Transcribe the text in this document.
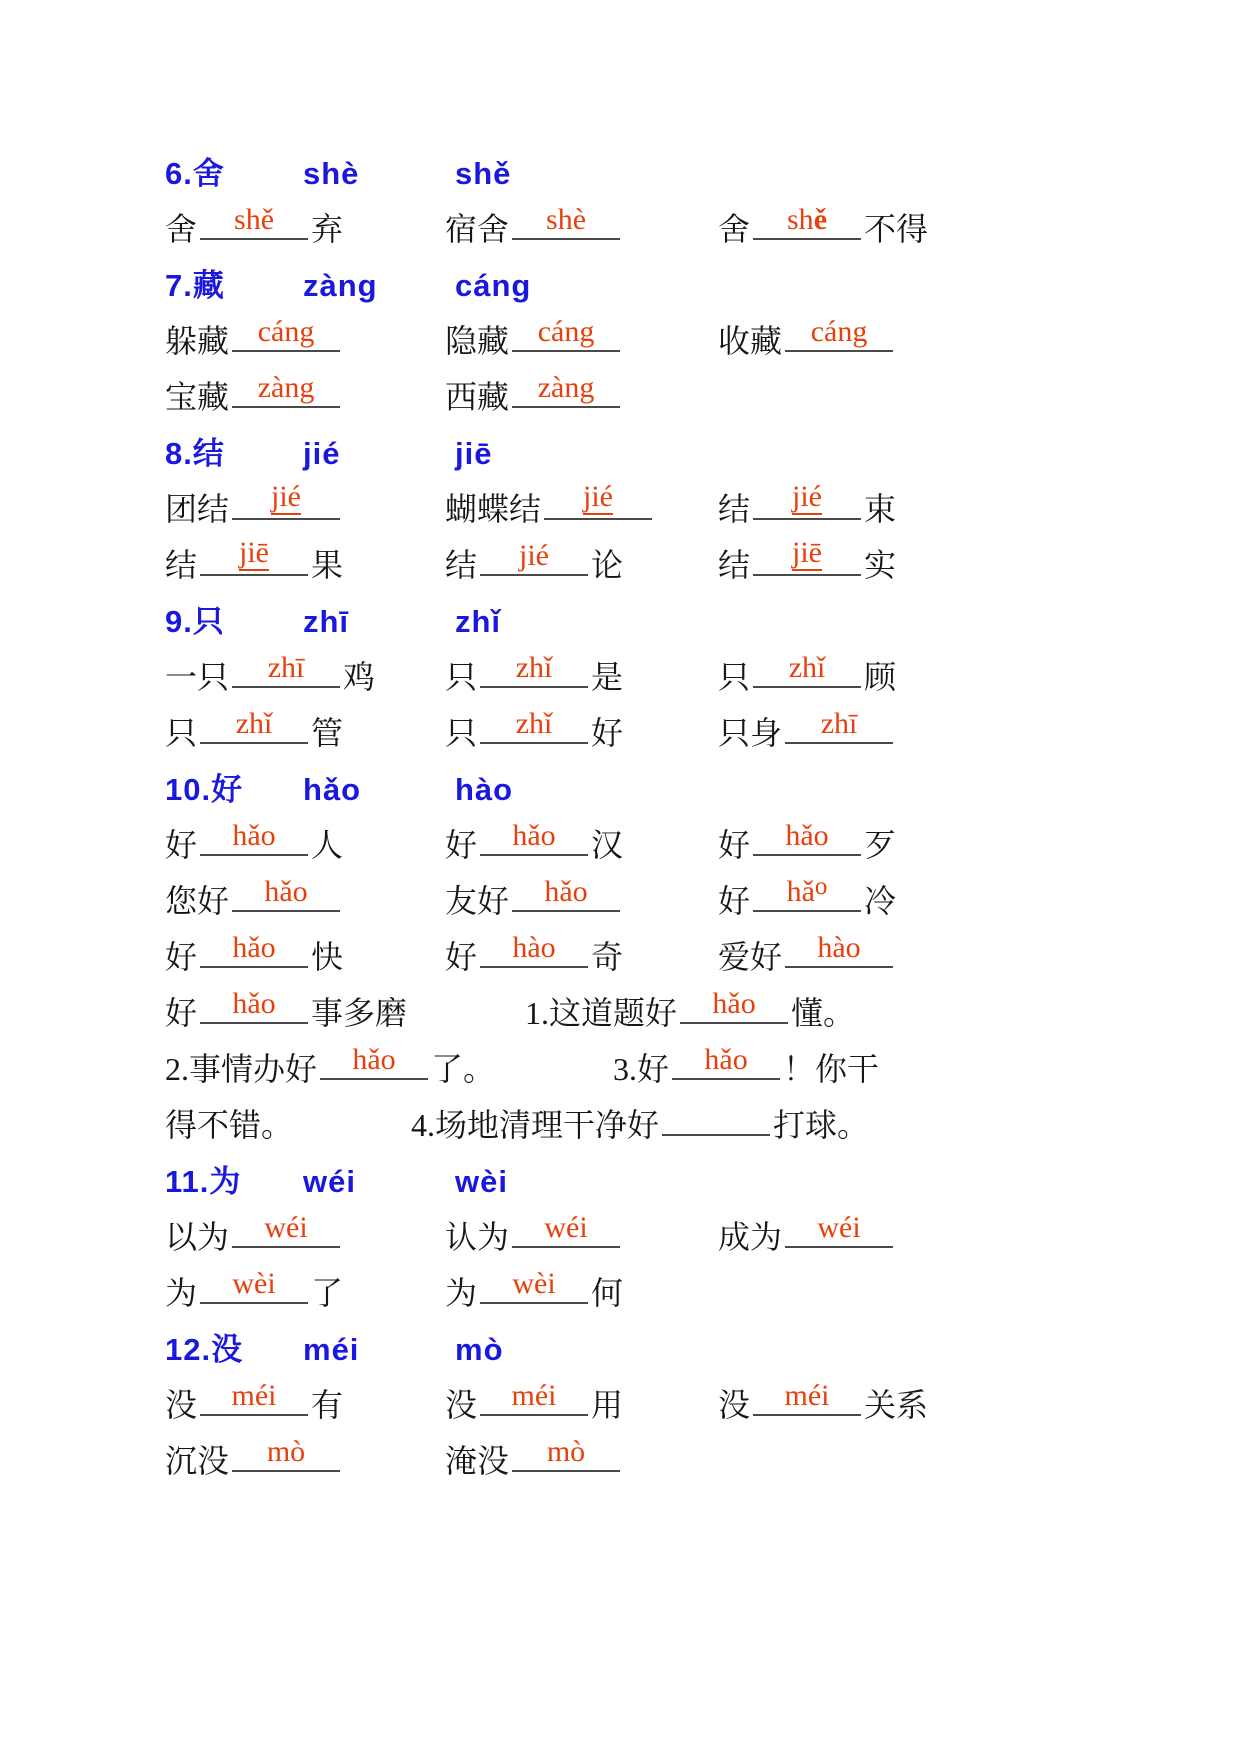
6.舍	shè	shě
舍 shě 弃	宿舍 shè	舍 shě 不得
7.藏	zàng	cáng
躲藏 cáng	隐藏 cáng	收藏 cáng
宝藏 zàng	西藏 zàng
8.结	jié	jiē
团结 jié	蝴蝶结 jié	结 jié 束
结 jiē 果	结 jié 论	结 jiē 实
9.只	zhī	zhǐ
一只 zhī 鸡	只 zhǐ 是	只 zhǐ 顾
只 zhǐ 管	只 zhǐ 好	只身 zhī
10.好	hǎo	hào
好 hǎo 人	好 hǎo 汉	好 hǎo 歹
您好 hǎo	友好 hǎo	好 $hǎ^o$ 冷
好 hǎo 快	好 hào 奇	爱好 hào
好 hǎo 事多磨	1.这道题好 hǎo 懂。
2.事情办好 hǎo 了。	3.好 hǎo ！你干
得不错。	4.场地清理干净好	打球。
11.为	wéi	wèi
以为 wéi	认为 wéi	成为 wéi
为 wèi 了	为 wèi 何
12.没	méi	mò
没 méi 有	没 méi 用	没 méi 关系
沉没 mò	淹没 mò
